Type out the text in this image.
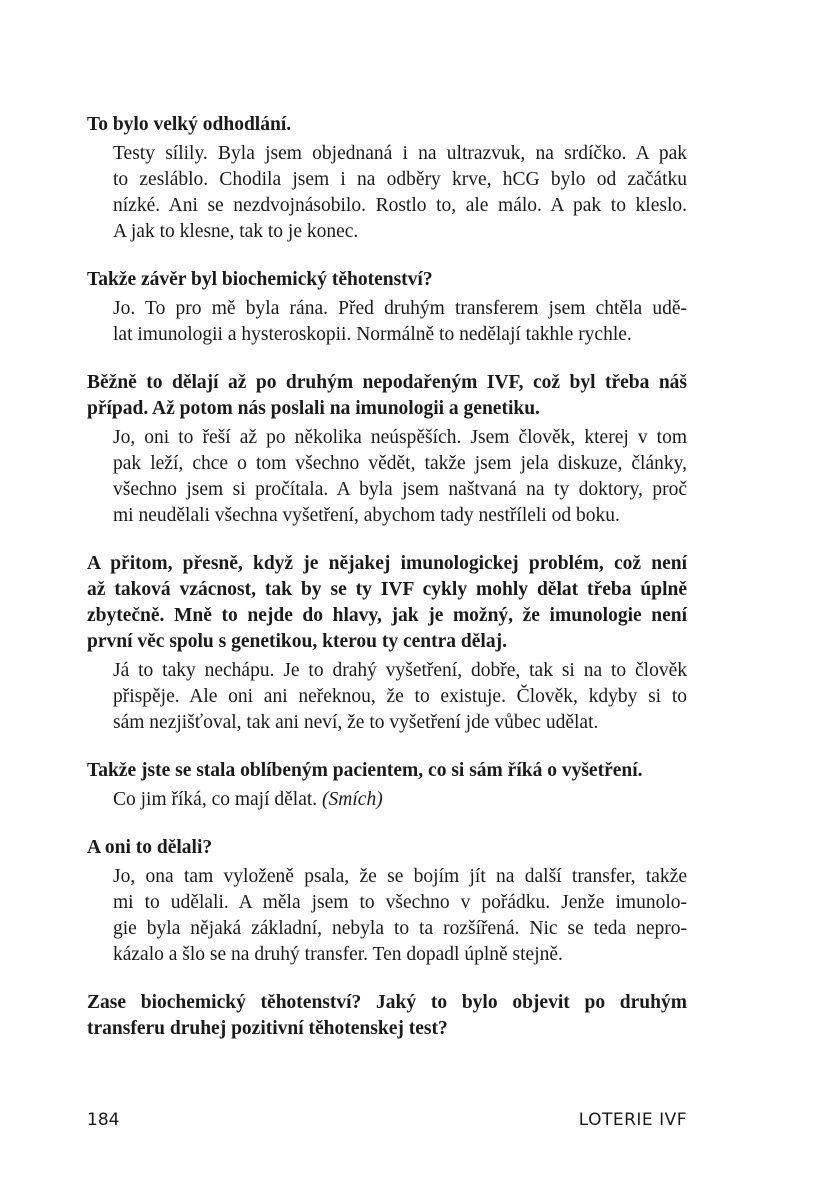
To bylo velký odhodlání.

Testy sílily. Byla jsem objednaná i na ultrazvuk, na srdíčko. A pak
to zesláblo. Chodila jsem i na odběry krve, hCG bylo od začátku
nízké. Ani se nezdvojnásobilo. Rostlo to, ale málo. A pak to kleslo.
A jak to klesne, tak to je konec.

Takže závěr byl biochemický těhotenství?

Jo. To pro mě byla rána. Před druhým transferem jsem chtěla udě-
lat imunologii a hysteroskopii. Normálně to nedělají takhle rychle.

Běžně to dělají až po druhým nepodařeným IVF, což byl třeba náš
případ. Až potom nás poslali na imunologii a genetiku.

Jo, oni to řeší až po několika neúspěších. Jsem člověk, kterej v tom
pak leží, chce o tom všechno vědět, takže jsem jela diskuze, články,
všechno jsem si pročítala. A byla jsem naštvaná na ty doktory, proč
mi neudělali všechna vyšetření, abychom tady nestříleli od boku.

A přitom, přesně, když je nějakej imunologickej problém, což není
až taková vzácnost, tak by se ty IVF cykly mohly dělat třeba úplně
zbytečně. Mně to nejde do hlavy, jak je možný, že imunologie není
první věc spolu s genetikou, kterou ty centra dělaj.

Já to taky nechápu. Je to drahý vyšetření, dobře, tak si na to člověk
přispěje. Ale oni ani neřeknou, že to existuje. Člověk, kdyby si to
sám nezjišťoval, tak ani neví, že to vyšetření jde vůbec udělat.

Takže jste se stala oblíbeným pacientem, co si sám říká o vyšetření.

Co jim říká, co mají dělat. (Smích)

A oni to dělali?

Jo, ona tam vyloženě psala, že se bojím jít na další transfer, takže
mi to udělali. A měla jsem to všechno v pořádku. Jenže imunolo-
gie byla nějaká základní, nebyla to ta rozšířená. Nic se teda nepro-
kázalo a šlo se na druhý transfer. Ten dopadl úplně stejně.

Zase biochemický těhotenství? Jaký to bylo objevit po druhým
transferu druhej pozitivní těhotenskej test?

184	LOTERIE IVF
